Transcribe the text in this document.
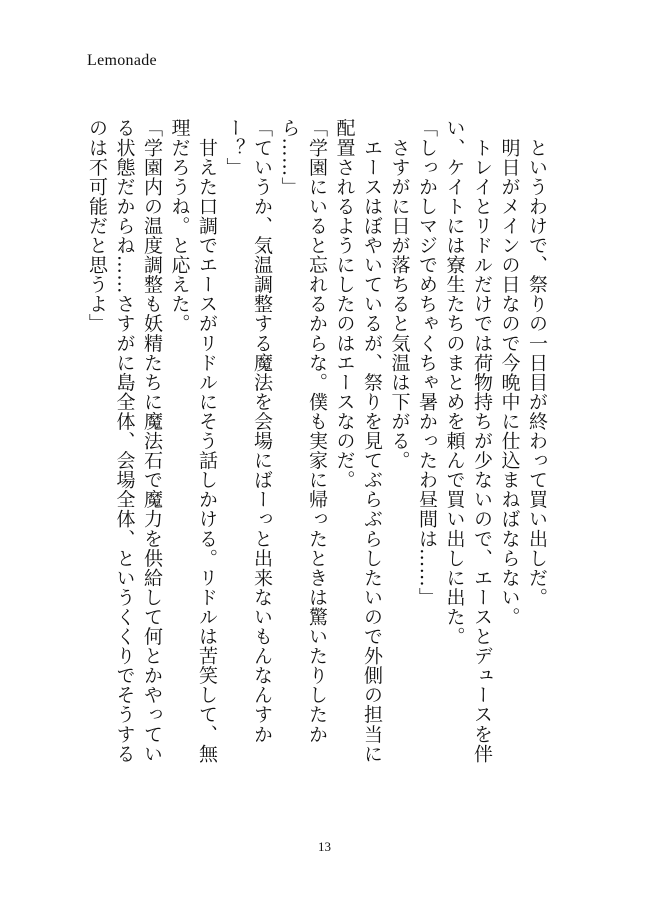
Lemonade

　というわけで、祭りの一日目が終わって買い出しだ。

　明日がメインの日なので今晩中に仕込まねばならない。

　トレイとリドルだけでは荷物持ちが少ないので、エースとデュースを伴い、ケイトには寮生たちのまとめを頼んで買い出しに出た。

「しっかしマジでめちゃくちゃ暑かったわ昼間は……」

　さすがに日が落ちると気温は下がる。

　エースはぼやいているが、祭りを見てぶらぶらしたいので外側の担当に配置されるようにしたのはエースなのだ。

「学園にいると忘れるからな。僕も実家に帰ったときは驚いたりしたから……」

「ていうか、気温調整する魔法を会場にばーっと出来ないもんなんすかー？」

　甘えた口調でエースがリドルにそう話しかける。リドルは苦笑して、無理だろうね。と応えた。

「学園内の温度調整も妖精たちに魔法石で魔力を供給して何とかやっている状態だからね……さすがに島全体、会場全体、というくくりでそうするのは不可能だと思うよ」

13
